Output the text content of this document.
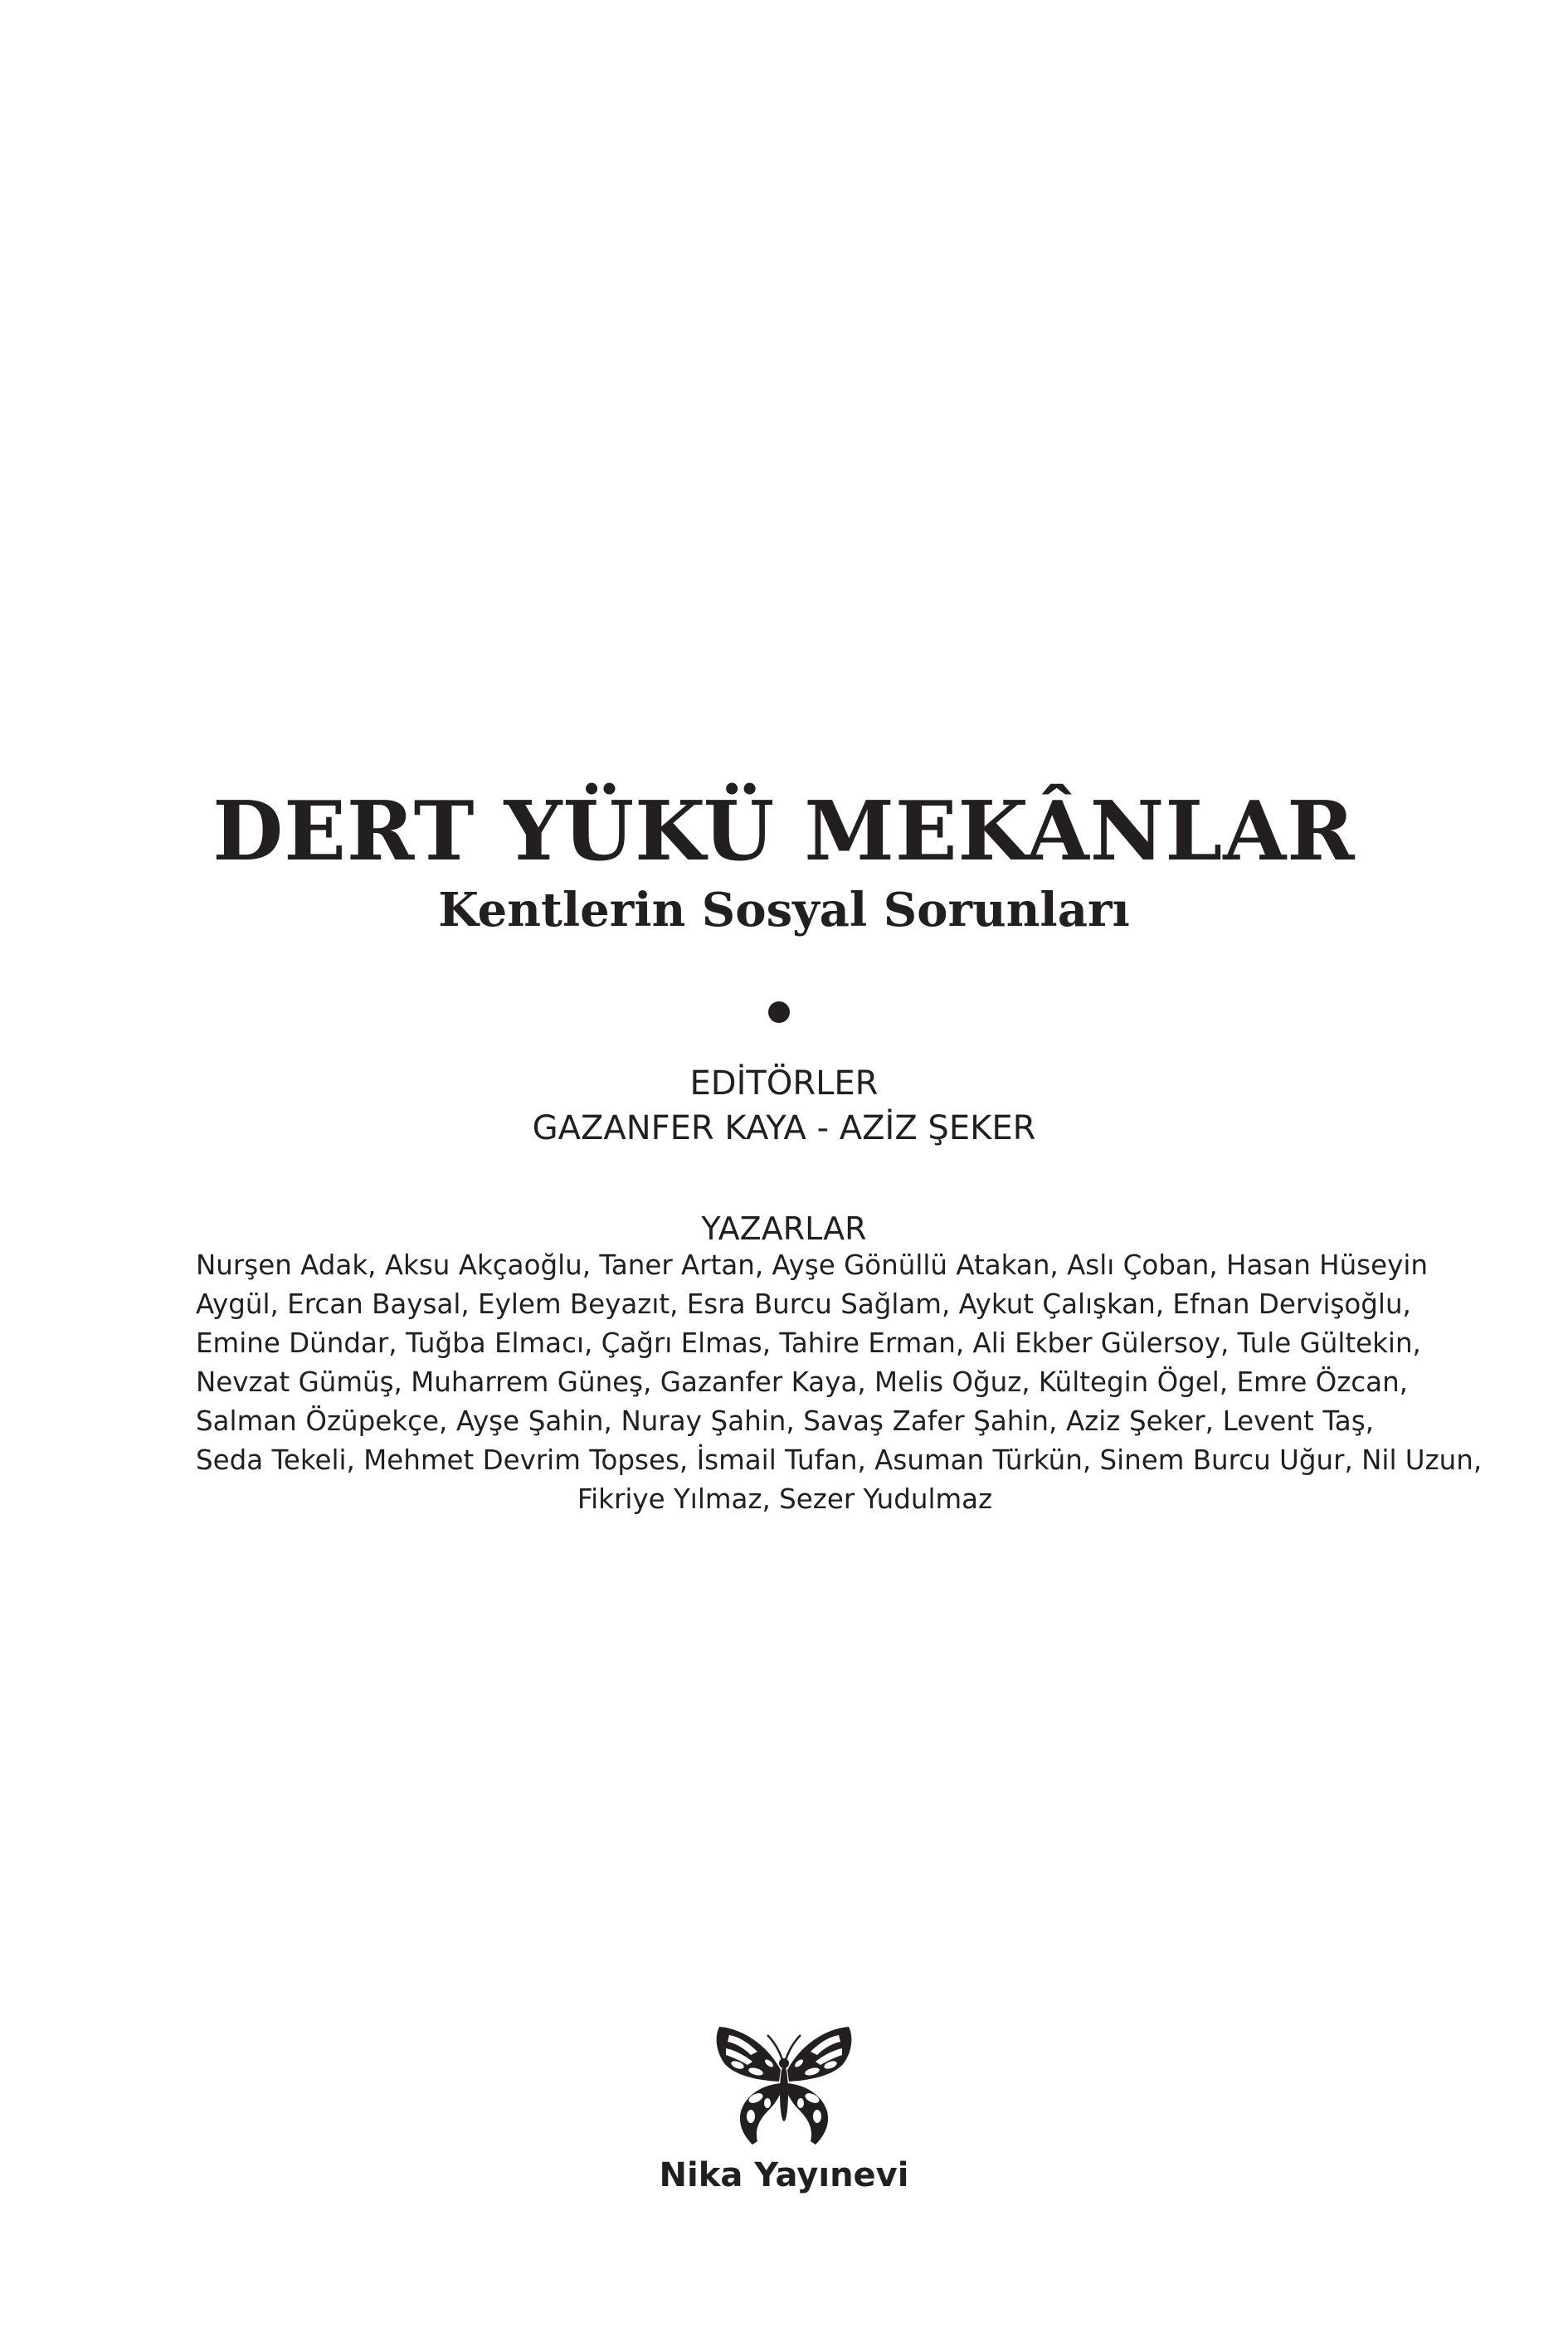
DERT YÜKÜ MEKÂNLAR
Kentlerin Sosyal Sorunları
EDİTÖRLER
GAZANFER KAYA - AZİZ ŞEKER
YAZARLAR
Nurşen Adak, Aksu Akçaoğlu, Taner Artan, Ayşe Gönüllü Atakan, Aslı Çoban, Hasan Hüseyin
Aygül, Ercan Baysal, Eylem Beyazıt, Esra Burcu Sağlam, Aykut Çalışkan, Efnan Dervişoğlu,
Emine Dündar, Tuğba Elmacı, Çağrı Elmas, Tahire Erman, Ali Ekber Gülersoy, Tule Gültekin,
Nevzat Gümüş, Muharrem Güneş, Gazanfer Kaya, Melis Oğuz, Kültegin Ögel, Emre Özcan,
Salman Özüpekçe, Ayşe Şahin, Nuray Şahin, Savaş Zafer Şahin, Aziz Şeker, Levent Taş,
Seda Tekeli, Mehmet Devrim Topses, İsmail Tufan, Asuman Türkün, Sinem Burcu Uğur, Nil Uzun,
Fikriye Yılmaz, Sezer Yudulmaz
Nika Yayınevi
